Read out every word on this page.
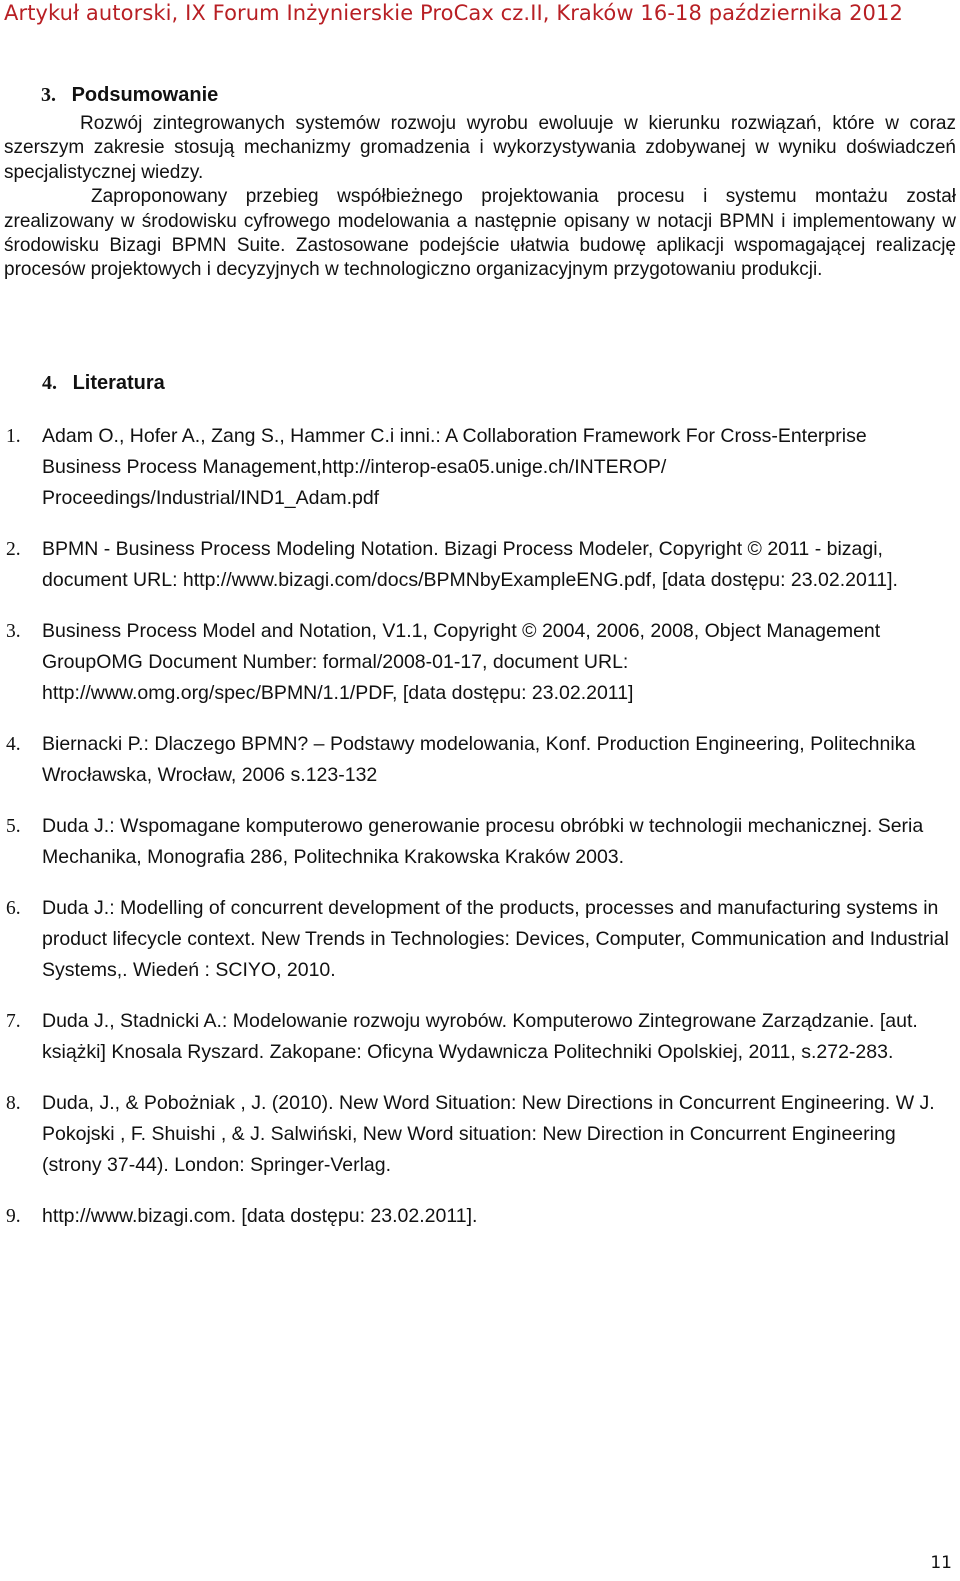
Artykuł autorski, IX Forum Inżynierskie ProCax cz.II, Kraków 16-18 października 2012
3. Podsumowanie

Rozwój zintegrowanych systemów rozwoju wyrobu ewoluuje w kierunku rozwiązań, które w coraz szerszym zakresie stosują mechanizmy gromadzenia i wykorzystywania zdobywanej w wyniku doświadczeń specjalistycznej wiedzy.

Zaproponowany przebieg współbieżnego projektowania procesu i systemu montażu został zrealizowany w środowisku cyfrowego modelowania a następnie opisany w notacji BPMN i implementowany w środowisku Bizagi BPMN Suite. Zastosowane podejście ułatwia budowę aplikacji wspomagającej realizację procesów projektowych i decyzyjnych w technologiczno organizacyjnym przygotowaniu produkcji.

4. Literatura
1. Adam O., Hofer A., Zang S., Hammer C.i inni.: A Collaboration Framework For Cross-Enterprise Business Process Management,http://interop-esa05.unige.ch/INTEROP/ Proceedings/Industrial/IND1_Adam.pdf
2. BPMN - Business Process Modeling Notation. Bizagi Process Modeler, Copyright © 2011 - bizagi, document URL: http://www.bizagi.com/docs/BPMNbyExampleENG.pdf, [data dostępu: 23.02.2011].
3. Business Process Model and Notation, V1.1, Copyright © 2004, 2006, 2008, Object Management GroupOMG Document Number: formal/2008-01-17, document URL: http://www.omg.org/spec/BPMN/1.1/PDF, [data dostępu: 23.02.2011]
4. Biernacki P.: Dlaczego BPMN? – Podstawy modelowania, Konf. Production Engineering, Politechnika Wrocławska, Wrocław, 2006 s.123-132
5. Duda J.: Wspomagane komputerowo generowanie procesu obróbki w technologii mechanicznej. Seria Mechanika, Monografia 286, Politechnika Krakowska Kraków 2003.
6. Duda J.: Modelling of concurrent development of the products, processes and manufacturing systems in product lifecycle context. New Trends in Technologies: Devices, Computer, Communication and Industrial Systems,. Wiedeń : SCIYO, 2010.
7. Duda J., Stadnicki A.: Modelowanie rozwoju wyrobów. Komputerowo Zintegrowane Zarządzanie. [aut. książki] Knosala Ryszard. Zakopane: Oficyna Wydawnicza Politechniki Opolskiej, 2011, s.272-283.
8. Duda, J., & Pobożniak , J. (2010). New Word Situation: New Directions in Concurrent Engineering. W J. Pokojski , F. Shuishi , & J. Salwiński, New Word situation: New Direction in Concurrent Engineering (strony 37-44). London: Springer-Verlag.
9. http://www.bizagi.com. [data dostępu: 23.02.2011].
11
